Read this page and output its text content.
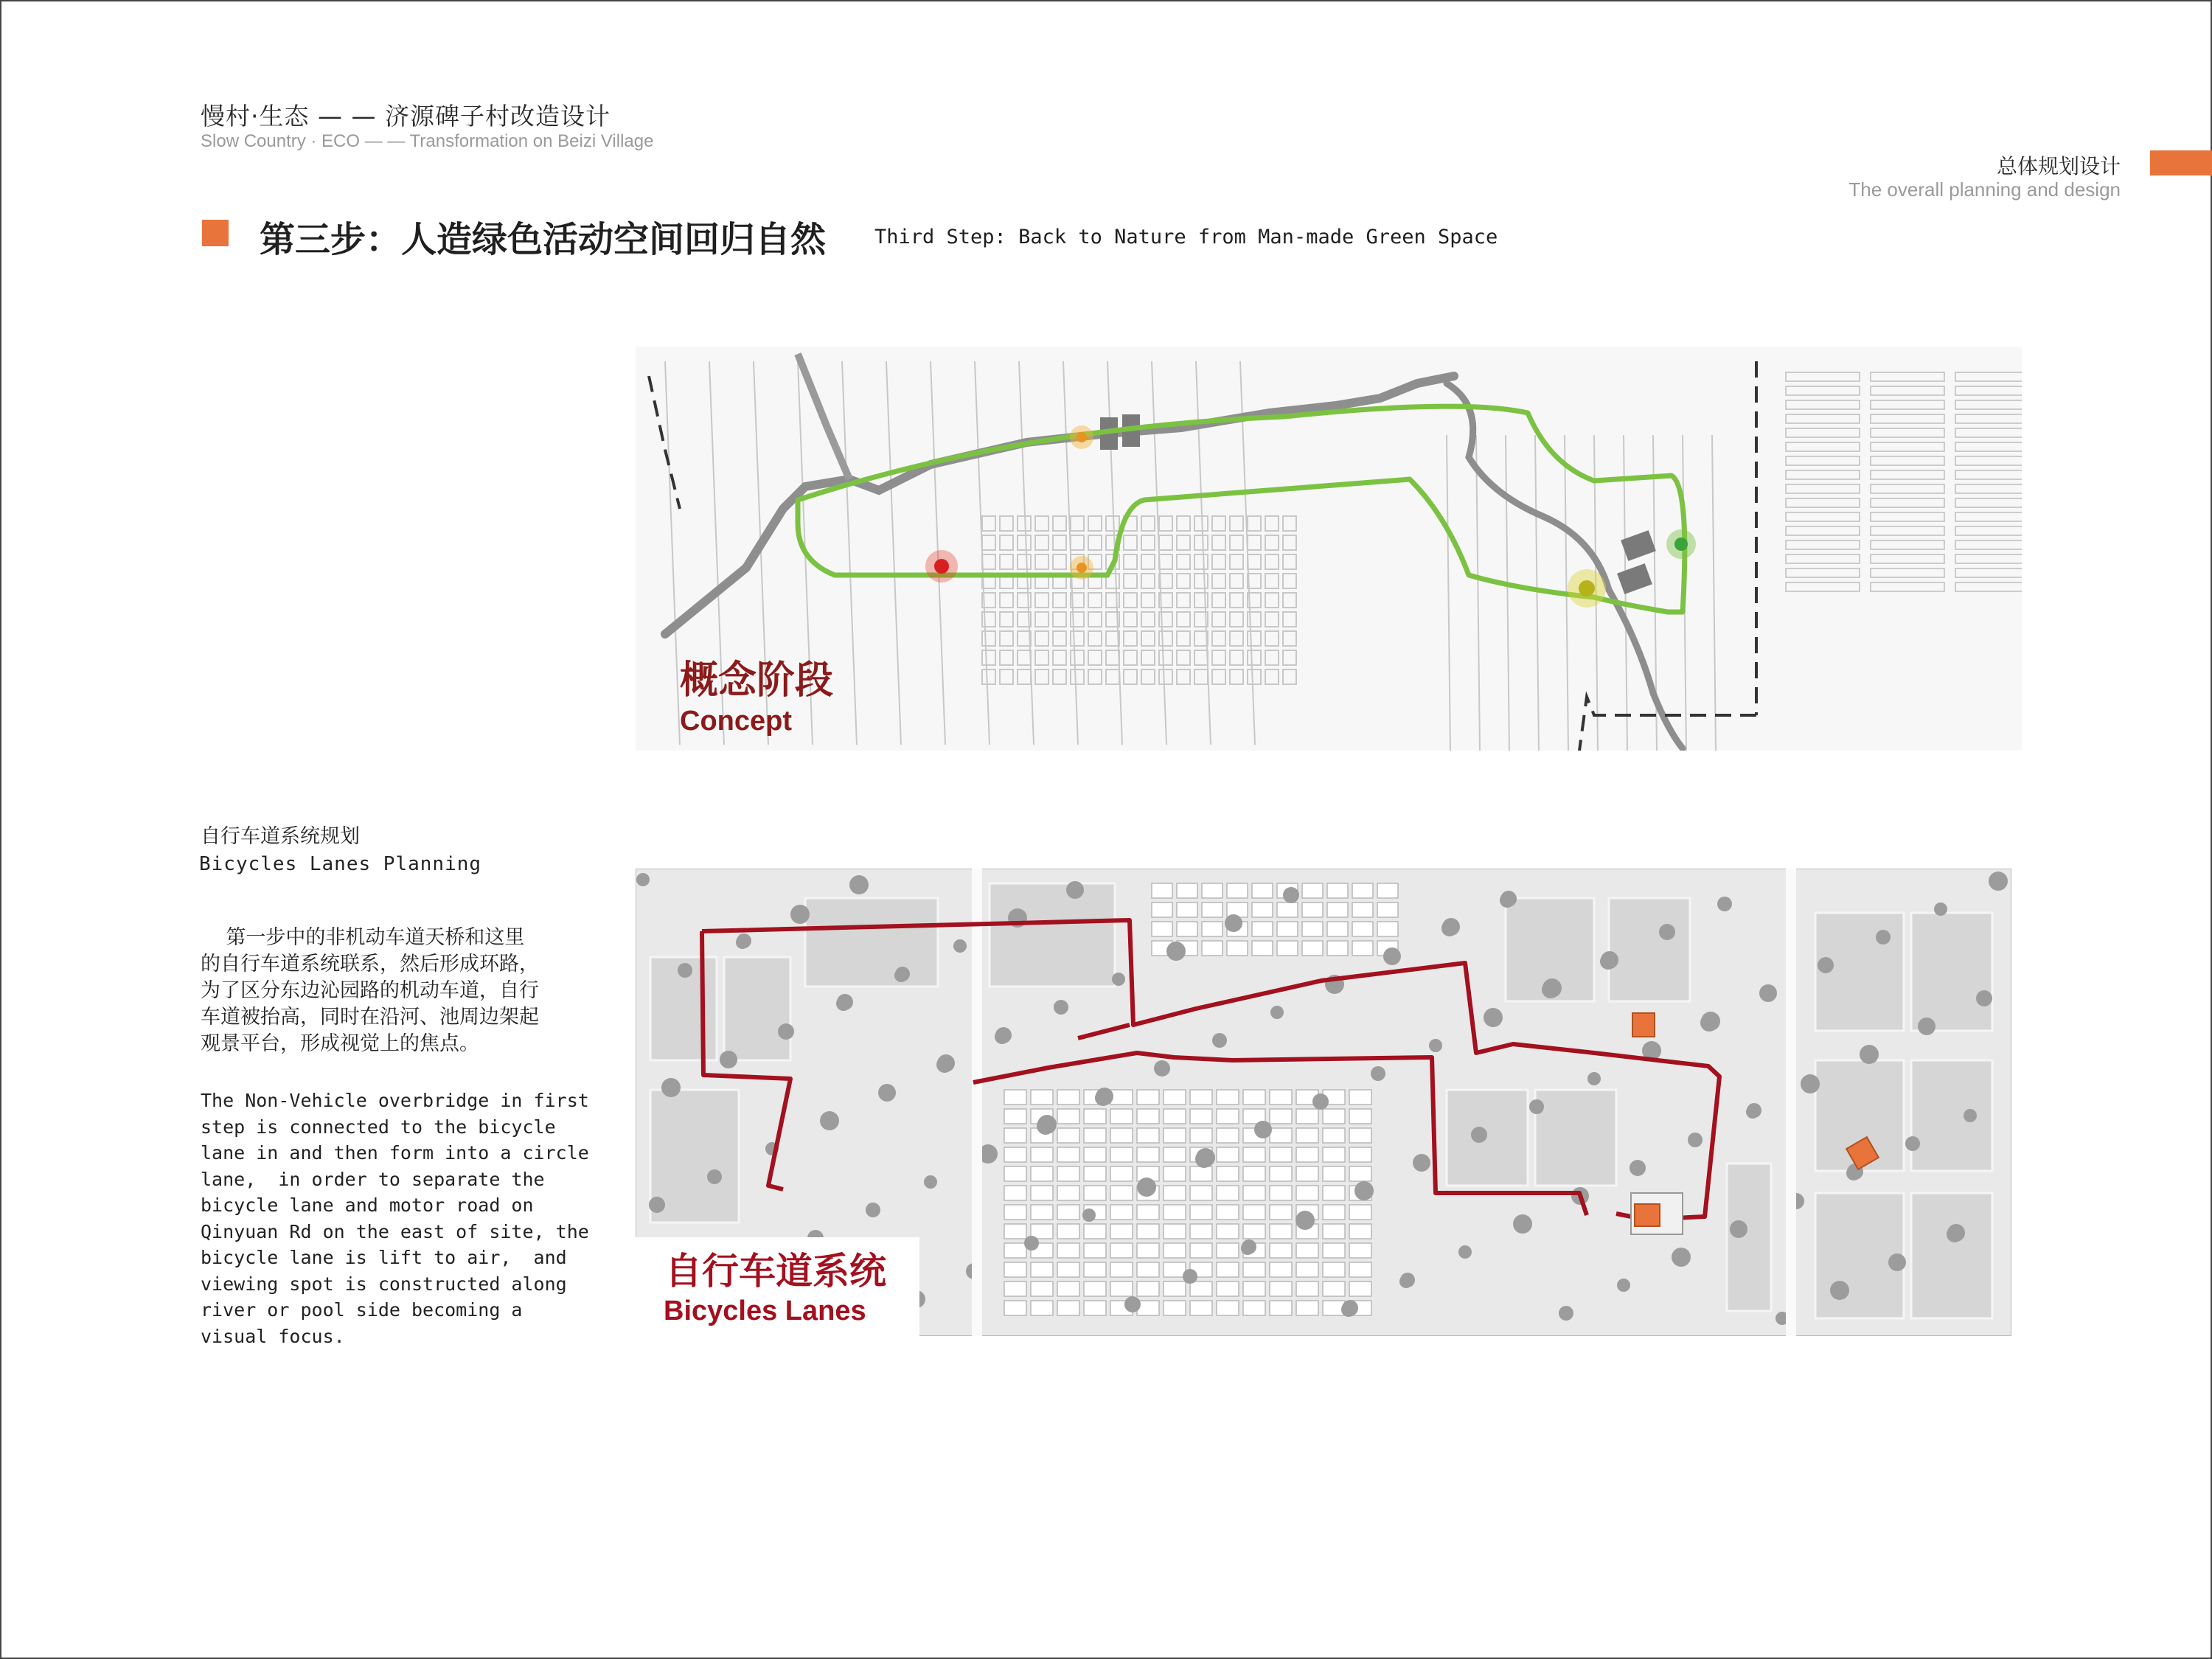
慢村·生态 — — 济源碑子村改造设计
Slow Country · ECO — — Transformation on Beizi Village
总体规划设计
The overall planning and design
第三步：人造绿色活动空间回归自然 Third Step: Back to Nature from Man-made Green Space
概念阶段
Concept
自行车道系统规划
Bicycles Lanes Planning
第一步中的非机动车道天桥和这里
的自行车道系统联系，然后形成环路，
为了区分东边沁园路的机动车道，自行
车道被抬高，同时在沿河、池周边架起
观景平台，形成视觉上的焦点。
The Non-Vehicle overbridge in first
step is connected to the bicycle
lane in and then form into a circle
lane,  in order to separate the
bicycle lane and motor road on
Qinyuan Rd on the east of site, the
bicycle lane is lift to air,  and
viewing spot is constructed along
river or pool side becoming a
visual focus.
自行车道系统
Bicycles Lanes
